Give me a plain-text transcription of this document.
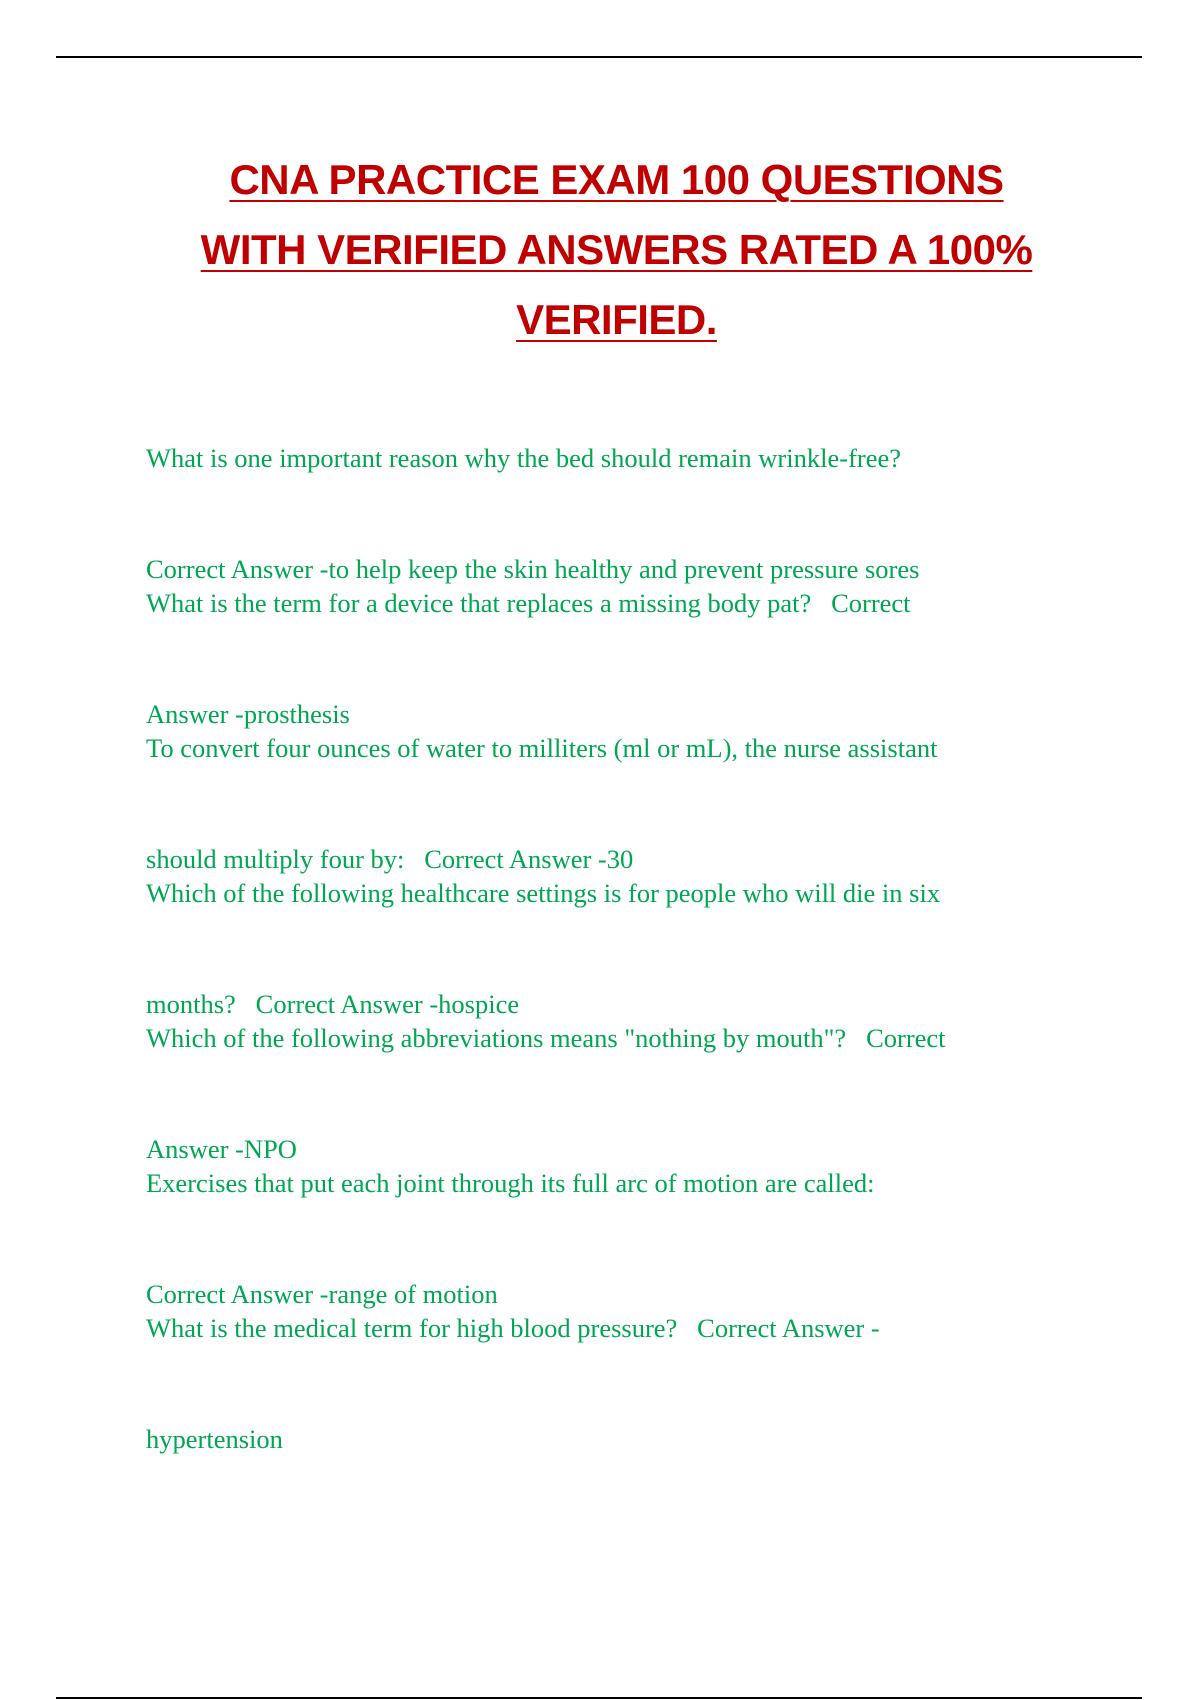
CNA PRACTICE EXAM 100 QUESTIONS
WITH VERIFIED ANSWERS RATED A 100%
VERIFIED.

What is one important reason why the bed should remain wrinkle-free?

Correct Answer -to help keep the skin healthy and prevent pressure sores

What is the term for a device that replaces a missing body pat?   Correct

Answer -prosthesis

To convert four ounces of water to milliters (ml or mL), the nurse assistant

should multiply four by:   Correct Answer -30

Which of the following healthcare settings is for people who will die in six

months?   Correct Answer -hospice

Which of the following abbreviations means "nothing by mouth"?   Correct

Answer -NPO

Exercises that put each joint through its full arc of motion are called:

Correct Answer -range of motion

What is the medical term for high blood pressure?   Correct Answer -

hypertension
